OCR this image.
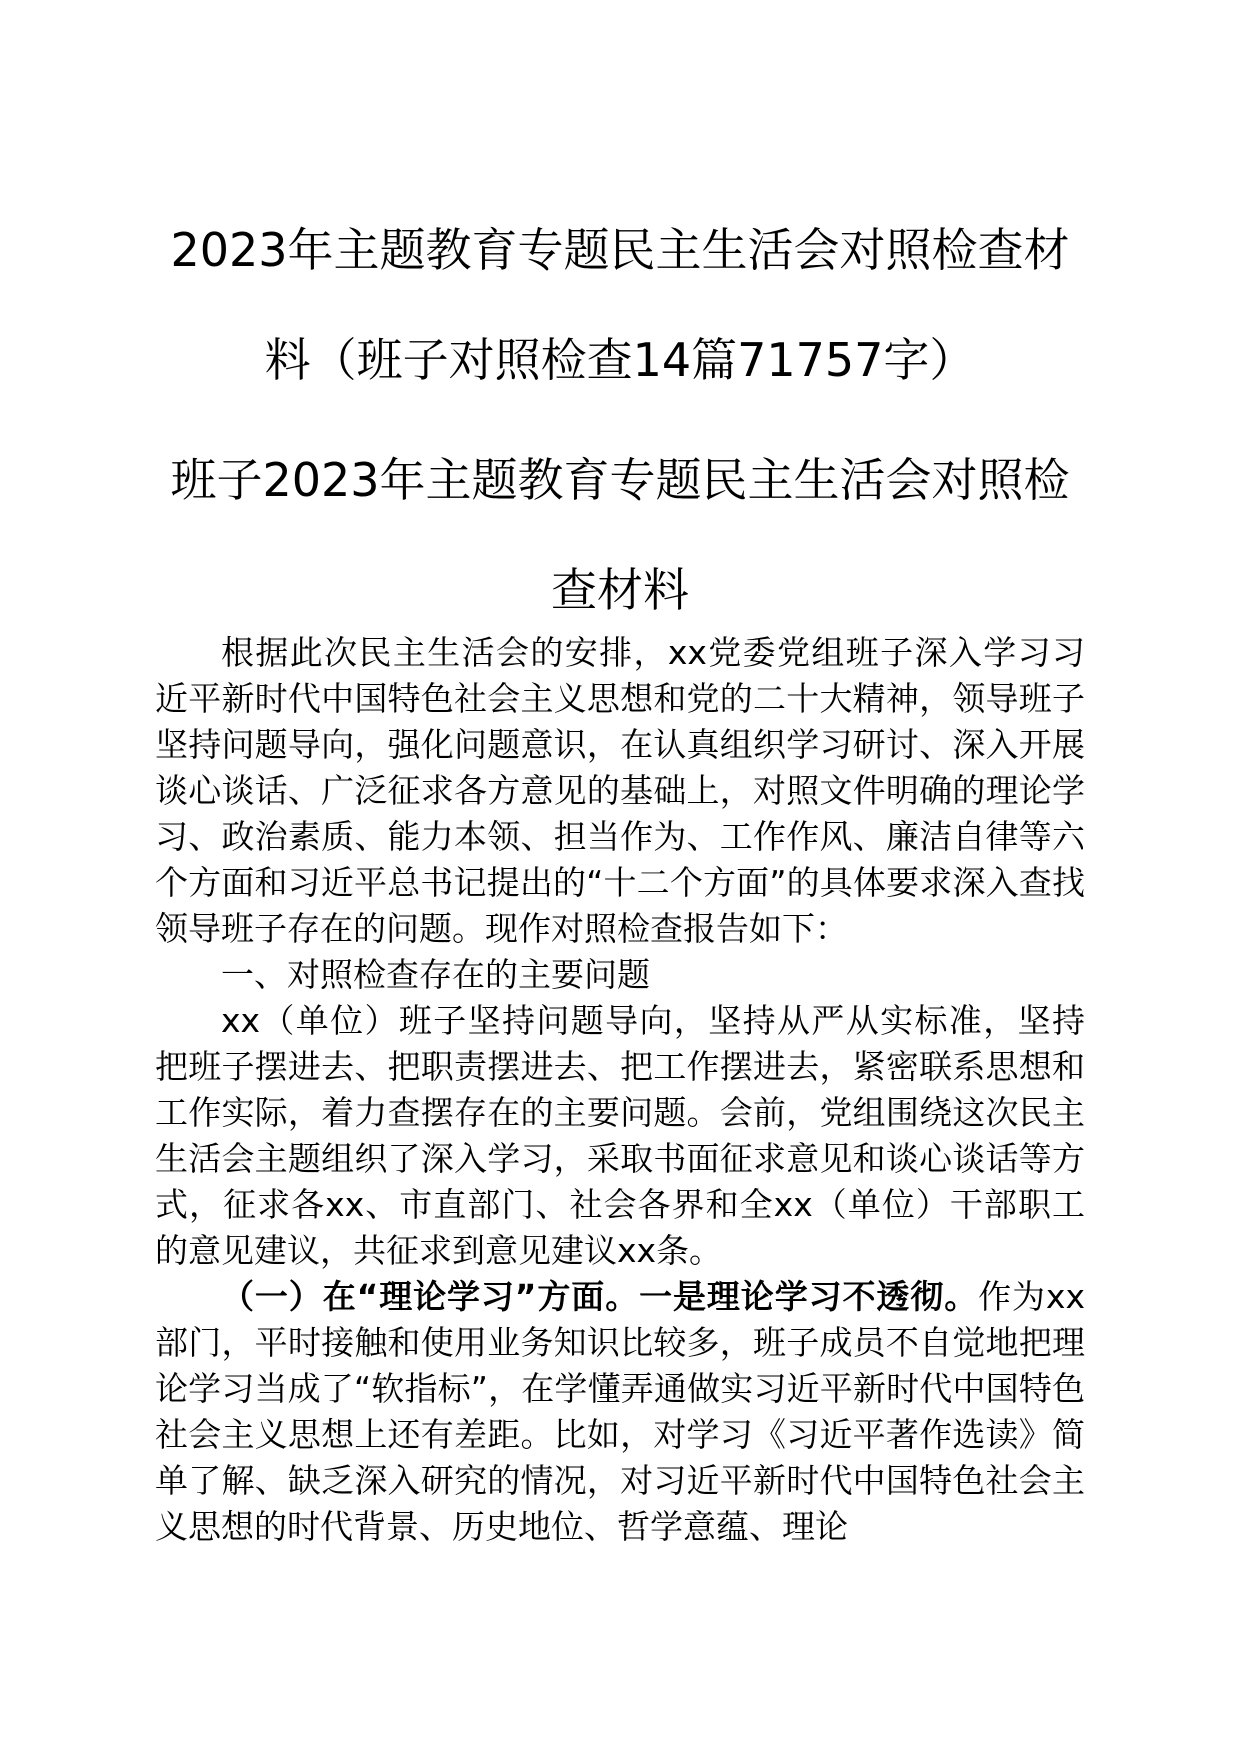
2023年主题教育专题民主生活会对照检查材料（班子对照检查14篇71757字）
班子2023年主题教育专题民主生活会对照检查材料

根据此次民主生活会的安排，xx党委党组班子深入学习习近平新时代中国特色社会主义思想和党的二十大精神，领导班子坚持问题导向，强化问题意识，在认真组织学习研讨、深入开展谈心谈话、广泛征求各方意见的基础上，对照文件明确的理论学习、政治素质、能力本领、担当作为、工作作风、廉洁自律等六个方面和习近平总书记提出的“十二个方面”的具体要求深入查找领导班子存在的问题。现作对照检查报告如下：

一、对照检查存在的主要问题

xx（单位）班子坚持问题导向，坚持从严从实标准，坚持把班子摆进去、把职责摆进去、把工作摆进去，紧密联系思想和工作实际，着力查摆存在的主要问题。会前，党组围绕这次民主生活会主题组织了深入学习，采取书面征求意见和谈心谈话等方式，征求各xx、市直部门、社会各界和全xx（单位）干部职工的意见建议，共征求到意见建议xx条。

（一）在“理论学习”方面。一是理论学习不透彻。作为xx部门，平时接触和使用业务知识比较多，班子成员不自觉地把理论学习当成了“软指标”，在学懂弄通做实习近平新时代中国特色社会主义思想上还有差距。比如，对学习《习近平著作选读》简单了解、缺乏深入研究的情况，对习近平新时代中国特色社会主义思想的时代背景、历史地位、哲学意蕴、理论
